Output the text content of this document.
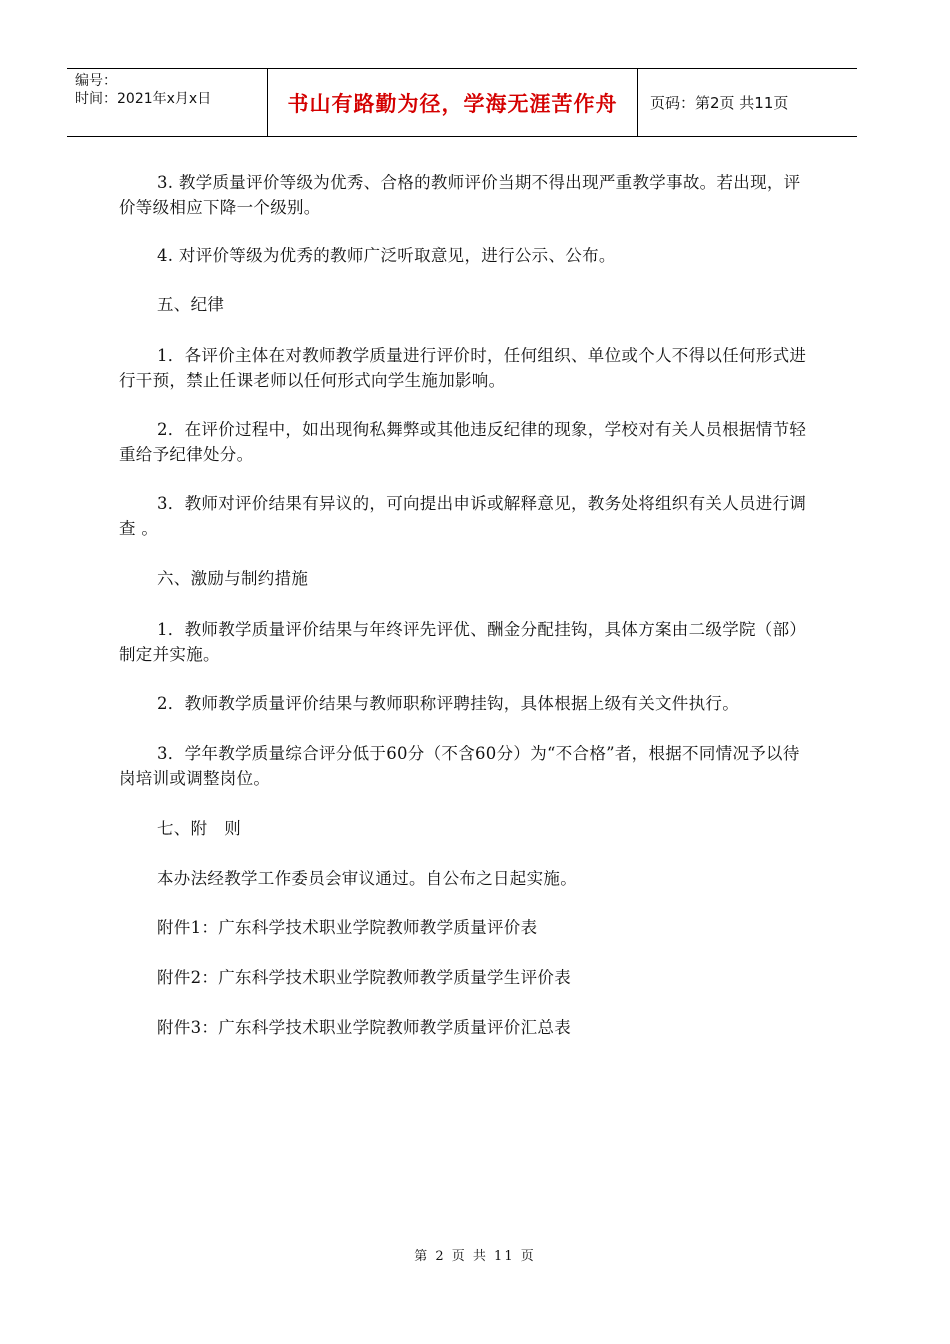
编号：
时间：2021年x月x日	书山有路勤为径，学海无涯苦作舟	页码：第2页 共11页

3. 教学质量评价等级为优秀、合格的教师评价当期不得出现严重教学事故。若出现，评价等级相应下降一个级别。

4. 对评价等级为优秀的教师广泛听取意见，进行公示、公布。

五、纪律

1．各评价主体在对教师教学质量进行评价时，任何组织、单位或个人不得以任何形式进行干预，禁止任课老师以任何形式向学生施加影响。

2．在评价过程中，如出现徇私舞弊或其他违反纪律的现象，学校对有关人员根据情节轻重给予纪律处分。

3．教师对评价结果有异议的，可向提出申诉或解释意见，教务处将组织有关人员进行调查 。

六、激励与制约措施

1．教师教学质量评价结果与年终评先评优、酬金分配挂钩，具体方案由二级学院（部）制定并实施。

2．教师教学质量评价结果与教师职称评聘挂钩，具体根据上级有关文件执行。

3．学年教学质量综合评分低于60分（不含60分）为“不合格”者，根据不同情况予以待岗培训或调整岗位。

七、附　则

本办法经教学工作委员会审议通过。自公布之日起实施。

附件1：广东科学技术职业学院教师教学质量评价表

附件2：广东科学技术职业学院教师教学质量学生评价表

附件3：广东科学技术职业学院教师教学质量评价汇总表

第 2 页 共 11 页
